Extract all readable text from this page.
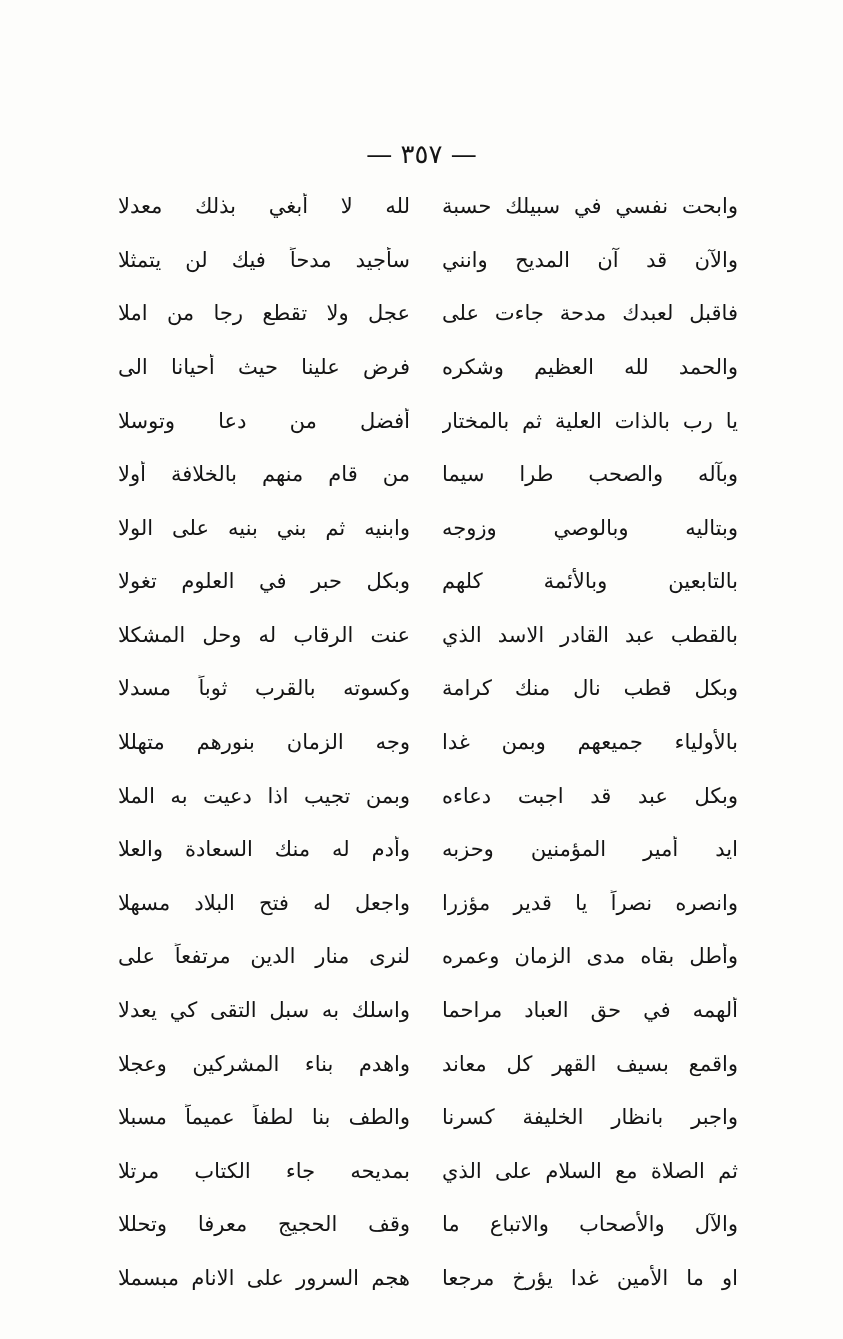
— ٣٥٧ —
وابحت نفسي في سبيلك حسبة
لله لا أبغي بذلك معدلا
والآن قد آن المديح وانني
سأجيد مدحاً فيك لن يتمثلا
فاقبل لعبدك مدحة جاءت على
عجل ولا تقطع رجا من املا
والحمد لله العظيم وشكره
فرض علينا حيث أحيانا الى
يا رب بالذات العلية ثم بالمختار
أفضل من دعا وتوسلا
وبآله والصحب طرا سيما
من قام منهم بالخلافة أولا
وبتاليه وبالوصي وزوجه
وابنيه ثم بني بنيه على الولا
بالتابعين وبالأئمة كلهم
وبكل حبر في العلوم تغولا
بالقطب عبد القادر الاسد الذي
عنت الرقاب له وحل المشكلا
وبكل قطب نال منك كرامة
وكسوته بالقرب ثوباً مسدلا
بالأولياء جميعهم وبمن غدا
وجه الزمان بنورهم متهللا
وبكل عبد قد اجبت دعاءه
وبمن تجيب اذا دعيت به الملا
ايد أمير المؤمنين وحزبه
وأدم له منك السعادة والعلا
وانصره نصراً يا قدير مؤزرا
واجعل له فتح البلاد مسهلا
وأطل بقاه مدى الزمان وعمره
لنرى منار الدين مرتفعاً على
ألهمه في حق العباد مراحما
واسلك به سبل التقى كي يعدلا
واقمع بسيف القهر كل معاند
واهدم بناء المشركين وعجلا
واجبر بانظار الخليفة كسرنا
والطف بنا لطفاً عميماً مسبلا
ثم الصلاة مع السلام على الذي
بمديحه جاء الكتاب مرتلا
والآل والأصحاب والاتباع ما
وقف الحجيج معرفا وتحللا
او ما الأمين غدا يؤرخ مرجعا
هجم السرور على الانام مبسملا
